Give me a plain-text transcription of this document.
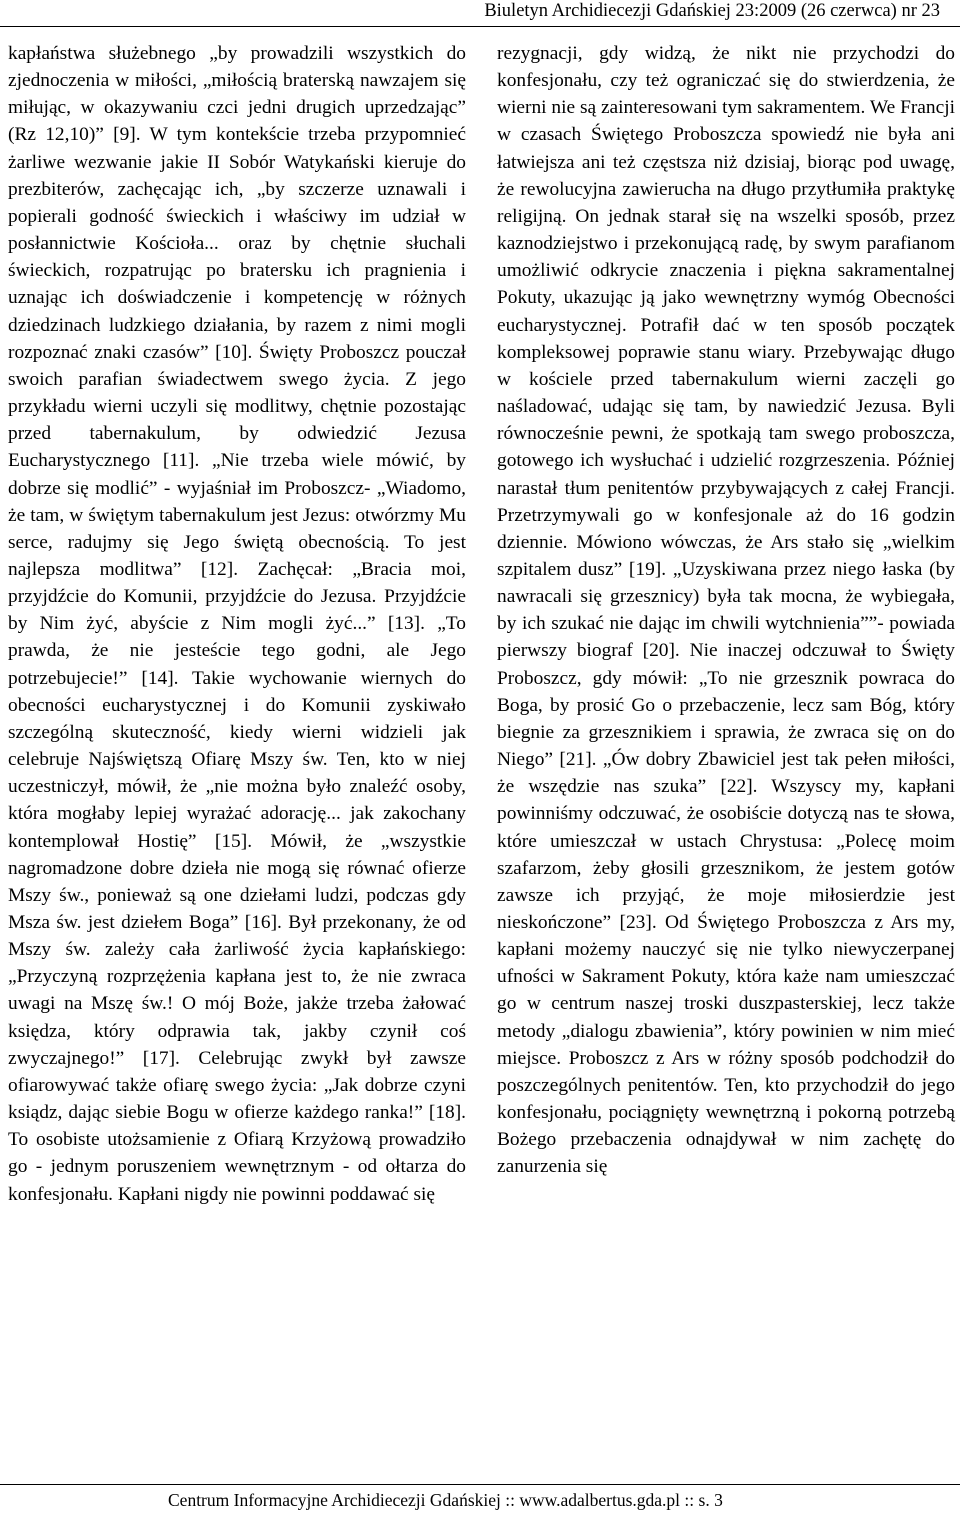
Biuletyn Archidiecezji Gdańskiej 23:2009 (26 czerwca) nr 23

kapłaństwa służebnego „by prowadzili wszystkich do zjednoczenia w miłości, „miłością braterską nawzajem się miłując, w okazywaniu czci jedni drugich uprzedzając” (Rz 12,10)” [9]. W tym kontekście trzeba przypomnieć żarliwe wezwanie jakie II Sobór Watykański kieruje do prezbiterów, zachęcając ich, „by szczerze uznawali i popierali godność świeckich i właściwy im udział w posłannictwie Kościoła... oraz by chętnie słuchali świeckich, rozpatrując po bratersku ich pragnienia i uznając ich doświadczenie i kompetencję w różnych dziedzinach ludzkiego działania, by razem z nimi mogli rozpoznać znaki czasów” [10]. Święty Proboszcz pouczał swoich parafian świadectwem swego życia. Z jego przykładu wierni uczyli się modlitwy, chętnie pozostając przed tabernakulum, by odwiedzić Jezusa Eucharystycznego [11]. „Nie trzeba wiele mówić, by dobrze się modlić” - wyjaśniał im Proboszcz- „Wiadomo, że tam, w świętym tabernakulum jest Jezus: otwórzmy Mu serce, radujmy się Jego świętą obecnością. To jest najlepsza modlitwa” [12]. Zachęcał: „Bracia moi, przyjdźcie do Komunii, przyjdźcie do Jezusa. Przyjdźcie by Nim żyć, abyście z Nim mogli żyć...” [13]. „To prawda, że nie jesteście tego godni, ale Jego potrzebujecie!” [14]. Takie wychowanie wiernych do obecności eucharystycznej i do Komunii zyskiwało szczególną skuteczność, kiedy wierni widzieli jak celebruje Najświętszą Ofiarę Mszy św. Ten, kto w niej uczestniczył, mówił, że „nie można było znaleźć osoby, która mogłaby lepiej wyrażać adorację... jak zakochany kontemplował Hostię” [15]. Mówił, że „wszystkie nagromadzone dobre dzieła nie mogą się równać ofierze Mszy św., ponieważ są one dziełami ludzi, podczas gdy Msza św. jest dziełem Boga” [16]. Był przekonany, że od Mszy św. zależy cała żarliwość życia kapłańskiego: „Przyczyną rozprzężenia kapłana jest to, że nie zwraca uwagi na Mszę św.! O mój Boże, jakże trzeba żałować księdza, który odprawia tak, jakby czynił coś zwyczajnego!” [17]. Celebrując zwykł był zawsze ofiarowywać także ofiarę swego życia: „Jak dobrze czyni ksiądz, dając siebie Bogu w ofierze każdego ranka!” [18]. To osobiste utożsamienie z Ofiarą Krzyżową prowadziło go - jednym poruszeniem wewnętrznym - od ołtarza do konfesjonału. Kapłani nigdy nie powinni poddawać się

rezygnacji, gdy widzą, że nikt nie przychodzi do konfesjonału, czy też ograniczać się do stwierdzenia, że wierni nie są zainteresowani tym sakramentem. We Francji w czasach Świętego Proboszcza spowiedź nie była ani łatwiejsza ani też częstsza niż dzisiaj, biorąc pod uwagę, że rewolucyjna zawierucha na długo przytłumiła praktykę religijną. On jednak starał się na wszelki sposób, przez kaznodziejstwo i przekonującą radę, by swym parafianom umożliwić odkrycie znaczenia i piękna sakramentalnej Pokuty, ukazując ją jako wewnętrzny wymóg Obecności eucharystycznej. Potrafił dać w ten sposób początek kompleksowej poprawie stanu wiary. Przebywając długo w kościele przed tabernakulum wierni zaczęli go naśladować, udając się tam, by nawiedzić Jezusa. Byli równocześnie pewni, że spotkają tam swego proboszcza, gotowego ich wysłuchać i udzielić rozgrzeszenia. Później narastał tłum penitentów przybywających z całej Francji. Przetrzymywali go w konfesjonale aż do 16 godzin dziennie. Mówiono wówczas, że Ars stało się „wielkim szpitalem dusz” [19]. „Uzyskiwana przez niego łaska (by nawracali się grzesznicy) była tak mocna, że wybiegała, by ich szukać nie dając im chwili wytchnienia””- powiada pierwszy biograf [20]. Nie inaczej odczuwał to Święty Proboszcz, gdy mówił: „To nie grzesznik powraca do Boga, by prosić Go o przebaczenie, lecz sam Bóg, który biegnie za grzesznikiem i sprawia, że zwraca się on do Niego” [21]. „Ów dobry Zbawiciel jest tak pełen miłości, że wszędzie nas szuka” [22]. Wszyscy my, kapłani powinniśmy odczuwać, że osobiście dotyczą nas te słowa, które umieszczał w ustach Chrystusa: „Polecę moim szafarzom, żeby głosili grzesznikom, że jestem gotów zawsze ich przyjąć, że moje miłosierdzie jest nieskończone” [23]. Od Świętego Proboszcza z Ars my, kapłani możemy nauczyć się nie tylko niewyczerpanej ufności w Sakrament Pokuty, która każe nam umieszczać go w centrum naszej troski duszpasterskiej, lecz także metody „dialogu zbawienia”, który powinien w nim mieć miejsce. Proboszcz z Ars w różny sposób podchodził do poszczególnych penitentów. Ten, kto przychodził do jego konfesjonału, pociągnięty wewnętrzną i pokorną potrzebą Bożego przebaczenia odnajdywał w nim zachętę do zanurzenia się

Centrum Informacyjne Archidiecezji Gdańskiej :: www.adalbertus.gda.pl :: s. 3
